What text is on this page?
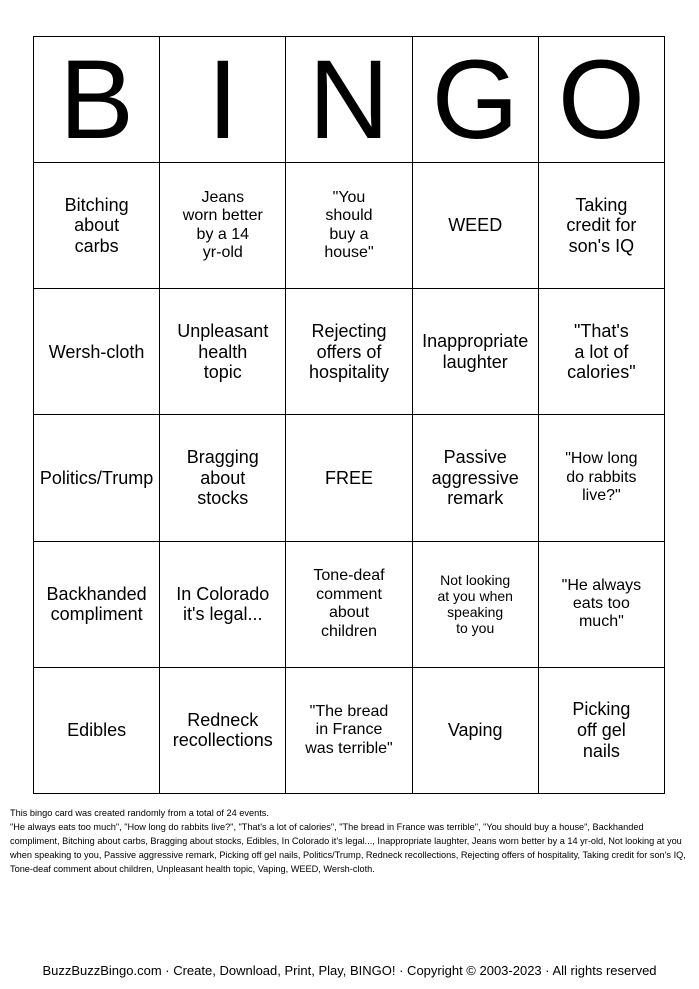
B I N G O
Bitching
about
carbs
Jeans
worn better
by a 14
yr-old
"You
should
buy a
house"
WEED
Taking
credit for
son's IQ
Wersh-cloth
Unpleasant
health
topic
Rejecting
offers of
hospitality
Inappropriate
laughter
"That's
a lot of
calories"
Politics/Trump
Bragging
about
stocks
FREE
Passive
aggressive
remark
"How long
do rabbits
live?"
Backhanded
compliment
In Colorado
it's legal...
Tone-deaf
comment
about
children
Not looking
at you when
speaking
to you
"He always
eats too
much"
Edibles
Redneck
recollections
"The bread
in France
was terrible"
Vaping
Picking
off gel
nails

This bingo card was created randomly from a total of 24 events.

"He always eats too much", "How long do rabbits live?", "That's a lot of calories", "The bread in France was terrible", "You should buy a house", Backhanded compliment, Bitching about carbs, Bragging about stocks, Edibles, In Colorado it's legal..., Inappropriate laughter, Jeans worn better by a 14 yr-old, Not looking at you when speaking to you, Passive aggressive remark, Picking off gel nails, Politics/Trump, Redneck recollections, Rejecting offers of hospitality, Taking credit for son's IQ, Tone-deaf comment about children, Unpleasant health topic, Vaping, WEED, Wersh-cloth.

BuzzBuzzBingo.com · Create, Download, Print, Play, BINGO! · Copyright © 2003-2023 · All rights reserved
